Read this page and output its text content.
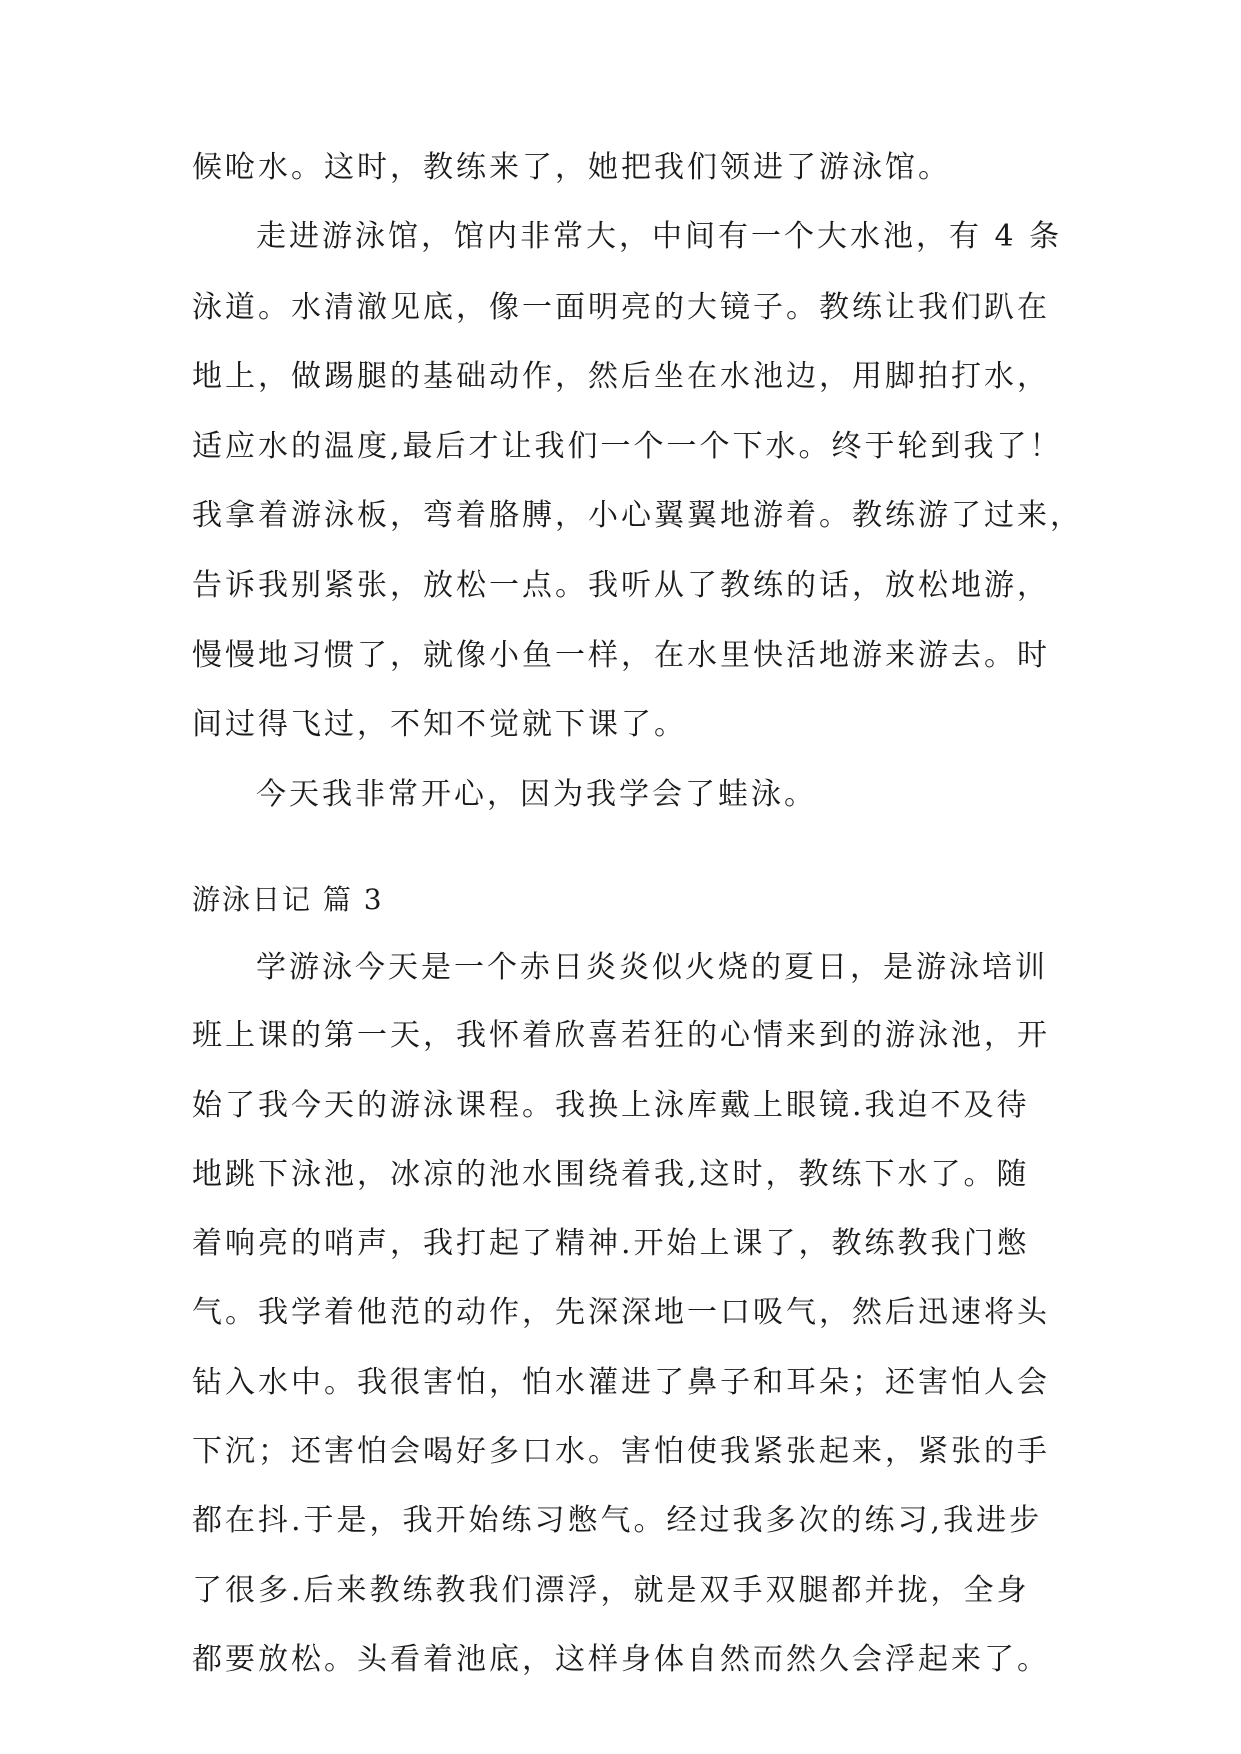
候呛水。这时，教练来了，她把我们领进了游泳馆。
走进游泳馆，馆内非常大，中间有一个大水池，有 4 条
泳道。水清澈见底，像一面明亮的大镜子。教练让我们趴在
地上，做踢腿的基础动作，然后坐在水池边，用脚拍打水，
适应水的温度,最后才让我们一个一个下水。终于轮到我了！
我拿着游泳板，弯着胳膊，小心翼翼地游着。教练游了过来，
告诉我别紧张，放松一点。我听从了教练的话，放松地游，
慢慢地习惯了，就像小鱼一样，在水里快活地游来游去。时
间过得飞过，不知不觉就下课了。
今天我非常开心，因为我学会了蛙泳。
游泳日记 篇 3
学游泳今天是一个赤日炎炎似火烧的夏日，是游泳培训
班上课的第一天，我怀着欣喜若狂的心情来到的游泳池，开
始了我今天的游泳课程。我换上泳库戴上眼镜.我迫不及待
地跳下泳池，冰凉的池水围绕着我,这时，教练下水了。随
着响亮的哨声，我打起了精神.开始上课了，教练教我门憋
气。我学着他范的动作，先深深地一口吸气，然后迅速将头
钻入水中。我很害怕，怕水灌进了鼻子和耳朵；还害怕人会
下沉；还害怕会喝好多口水。害怕使我紧张起来，紧张的手
都在抖.于是，我开始练习憋气。经过我多次的练习,我进步
了很多.后来教练教我们漂浮，就是双手双腿都并拢，全身
都要放松。头看着池底，这样身体自然而然久会浮起来了。
